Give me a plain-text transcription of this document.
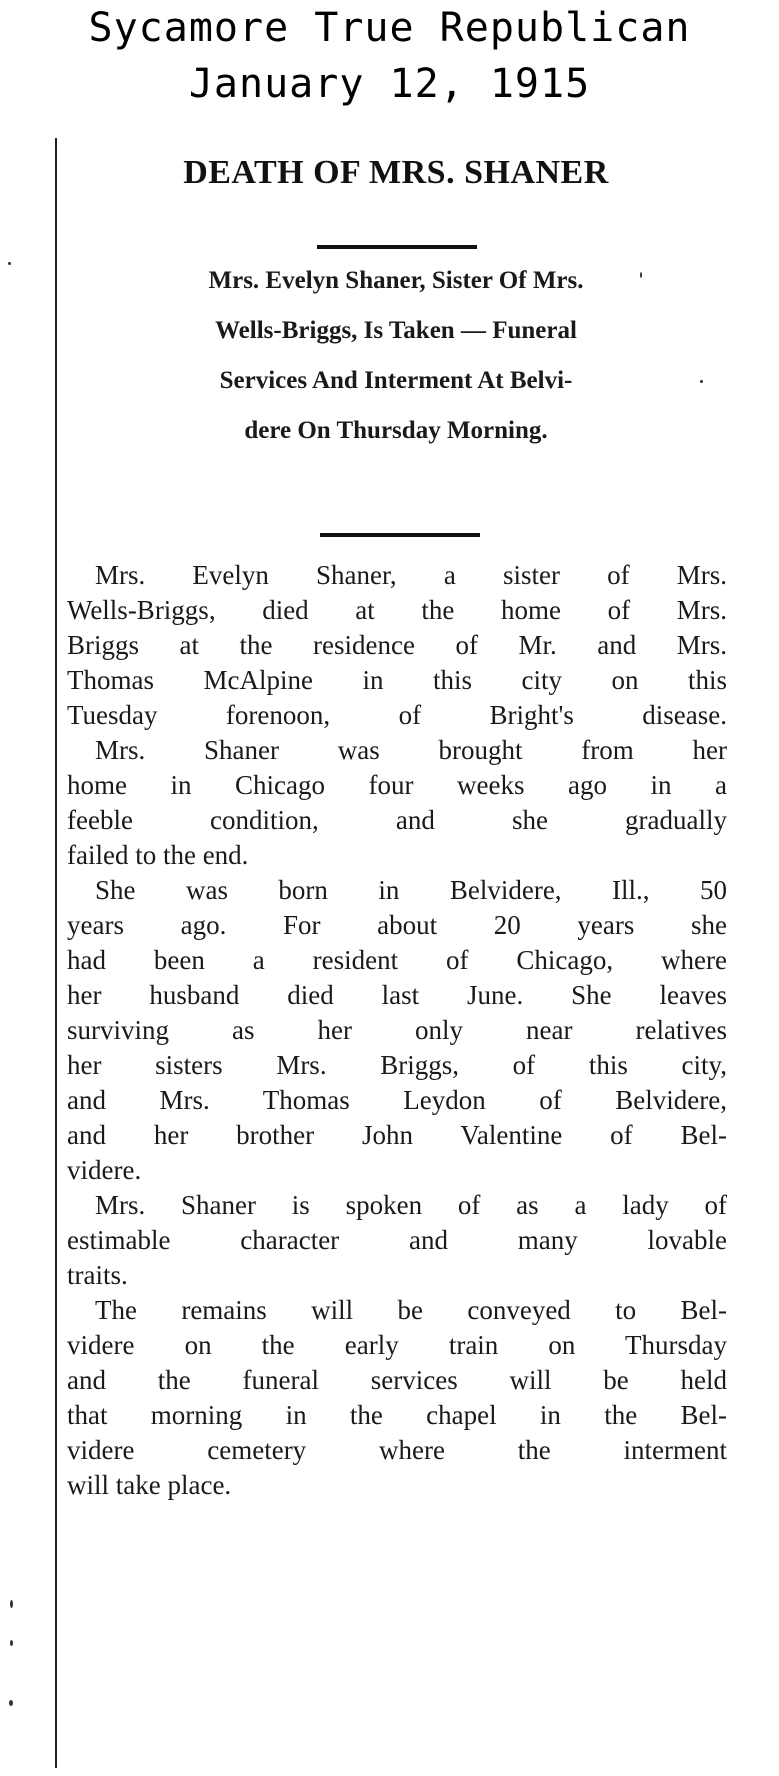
Sycamore True Republican
January 12, 1915
DEATH OF MRS. SHANER
Mrs. Evelyn Shaner, Sister Of Mrs.
Wells-Briggs, Is Taken — Funeral
Services And Interment At Belvi-
dere On Thursday Morning.
Mrs. Evelyn Shaner, a sister of Mrs.
Wells-Briggs, died at the home of Mrs.
Briggs at the residence of Mr. and Mrs.
Thomas McAlpine in this city on this
Tuesday forenoon, of Bright's disease.
Mrs. Shaner was brought from her
home in Chicago four weeks ago in a
feeble condition, and she gradually
failed to the end.
She was born in Belvidere, Ill., 50
years ago. For about 20 years she
had been a resident of Chicago, where
her husband died last June. She leaves
surviving as her only near relatives
her sisters Mrs. Briggs, of this city,
and Mrs. Thomas Leydon of Belvidere,
and her brother John Valentine of Bel-
videre.
Mrs. Shaner is spoken of as a lady of
estimable character and many lovable
traits.
The remains will be conveyed to Bel-
videre on the early train on Thursday
and the funeral services will be held
that morning in the chapel in the Bel-
videre cemetery where the interment
will take place.
